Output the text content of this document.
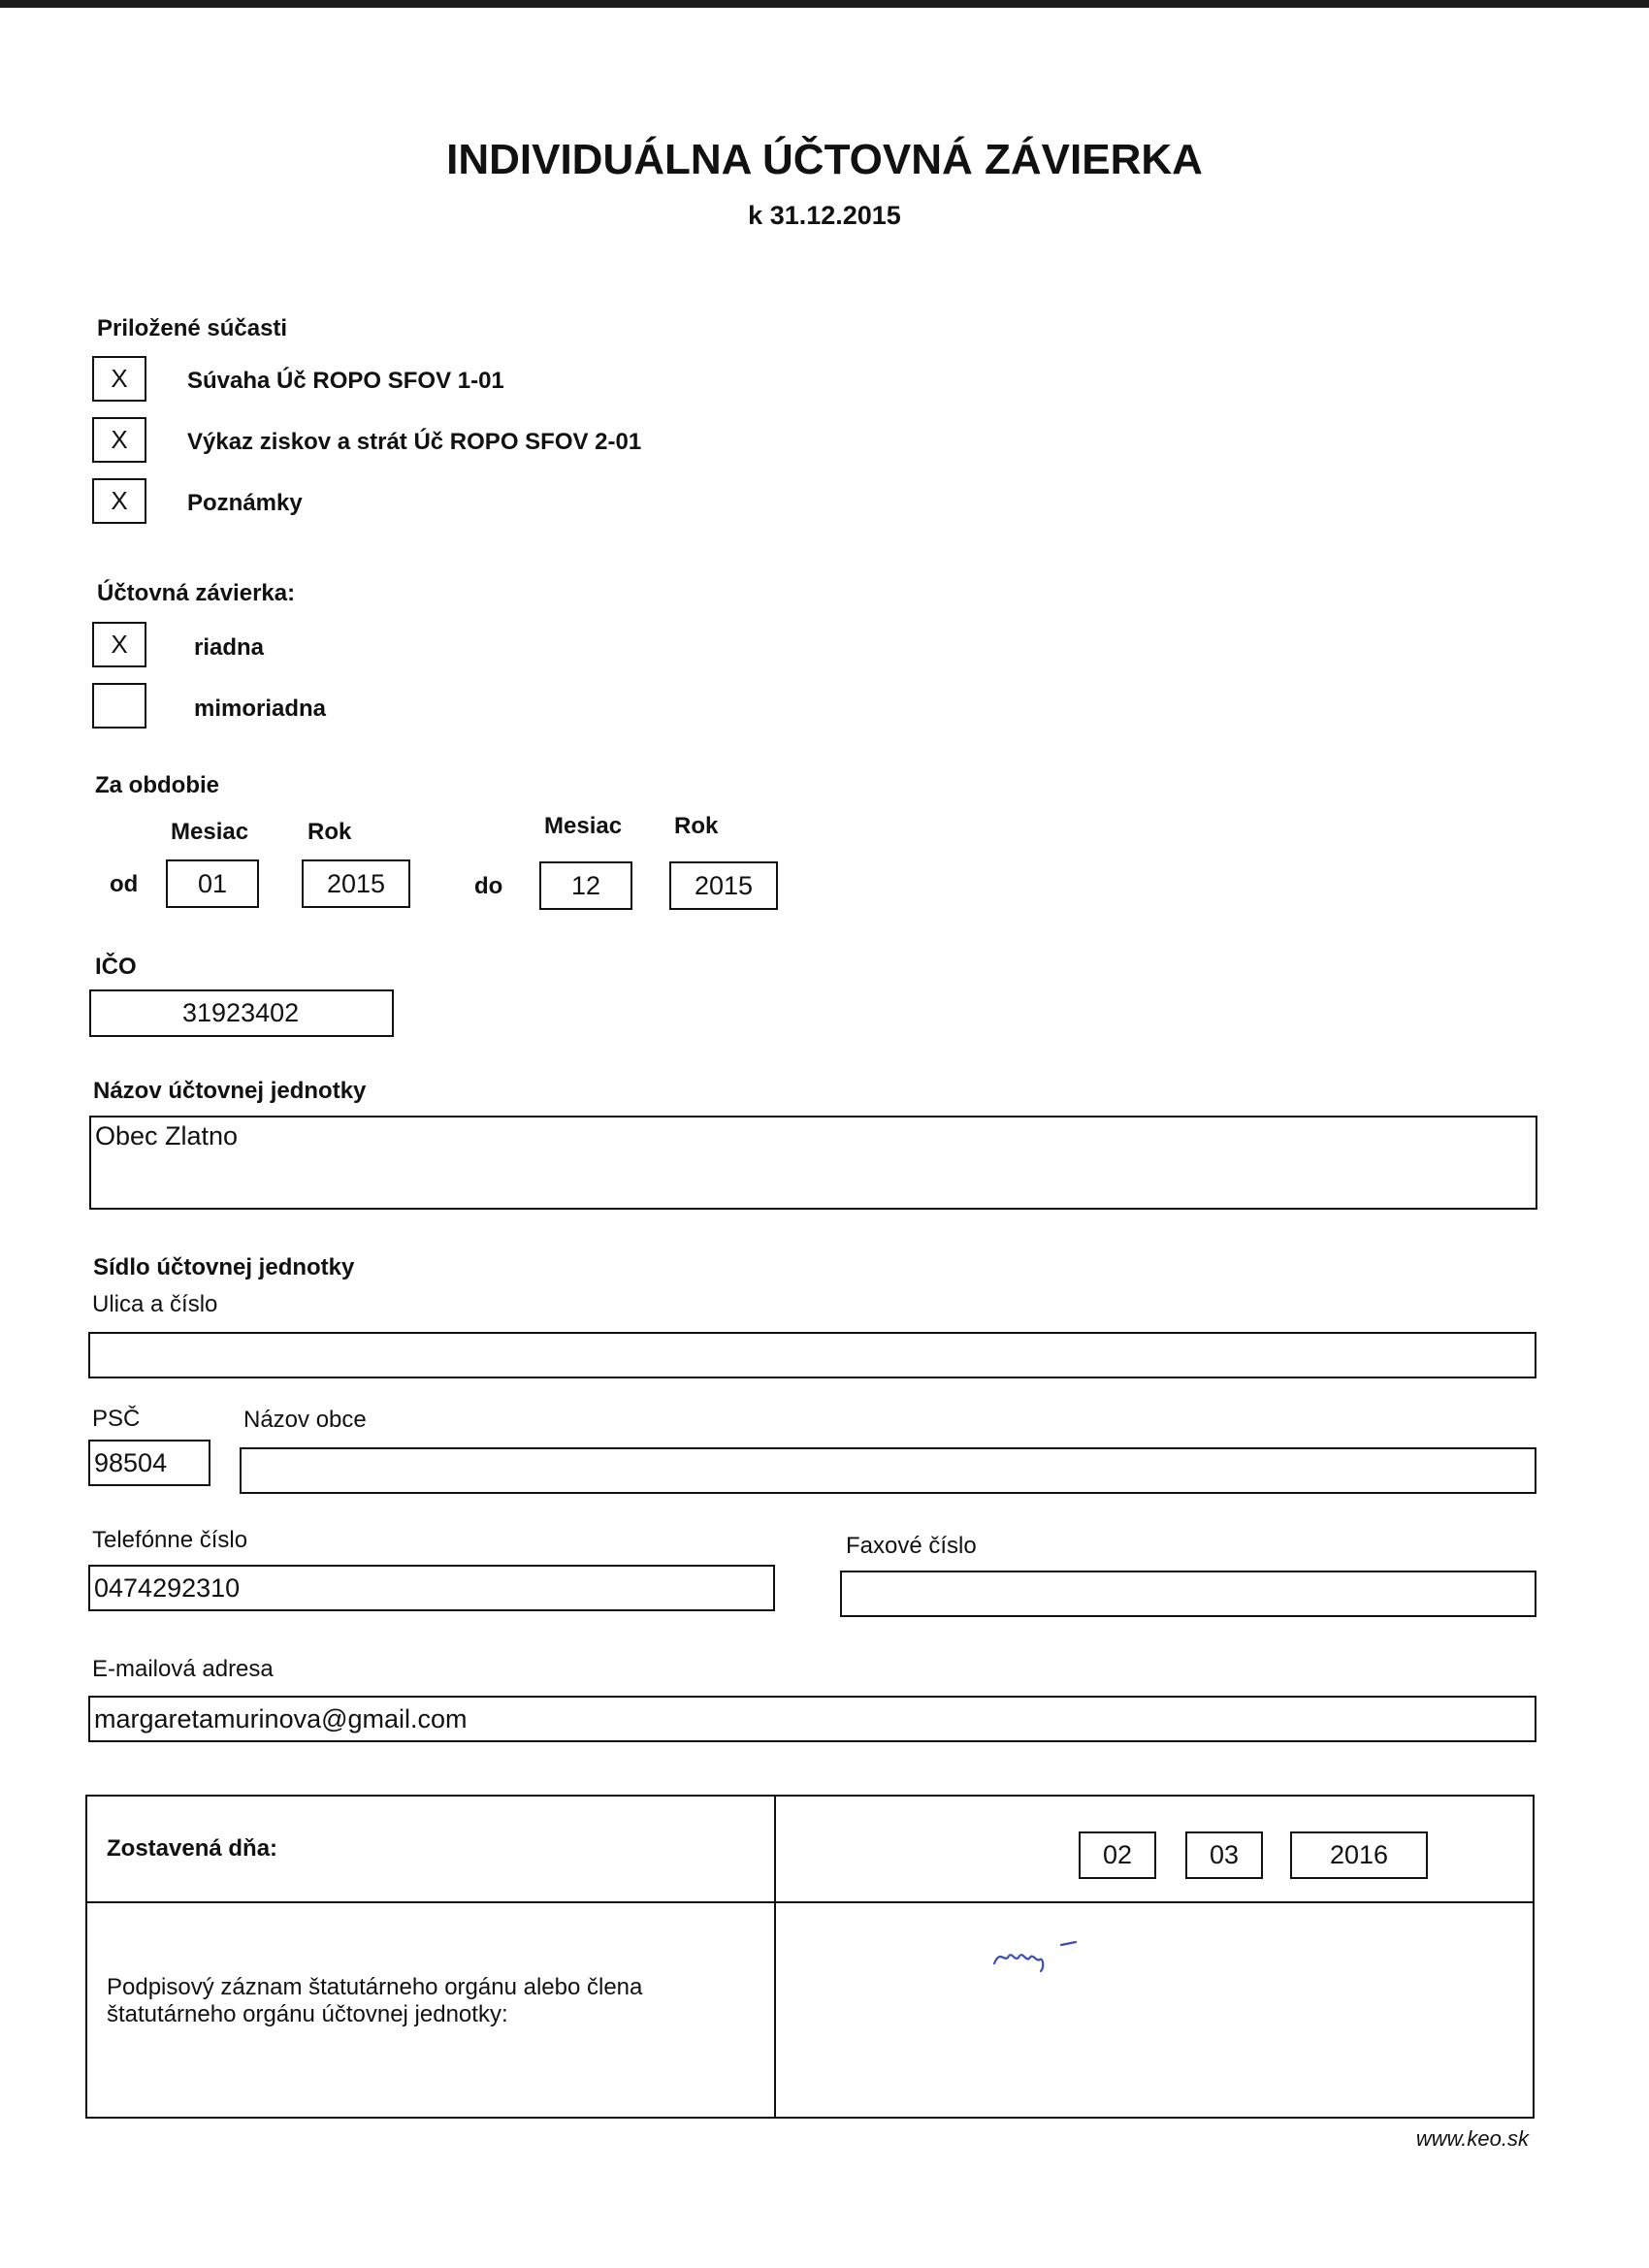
INDIVIDUÁLNA ÚČTOVNÁ ZÁVIERKA
k 31.12.2015
Priložené súčasti
X	Súvaha Úč ROPO SFOV 1-01
X	Výkaz ziskov a strát Úč ROPO SFOV 2-01
X	Poznámky
Účtovná závierka:
X	riadna
mimoriadna
Za obdobie
Mesiac	Rok	Mesiac Rok
od	01	2015	do	12	2015
IČO
31923402
Názov účtovnej jednotky
Obec Zlatno
Sídlo účtovnej jednotky
Ulica a číslo
PSČ	Názov obce
98504
Telefónne číslo	Faxové číslo
0474292310
E-mailová adresa
margaretamurinova@gmail.com
Zostavená dňa:	02	03	2016
Podpisový záznam štatutárneho orgánu alebo člena
štatutárneho orgánu účtovnej jednotky:
www.keo.sk
